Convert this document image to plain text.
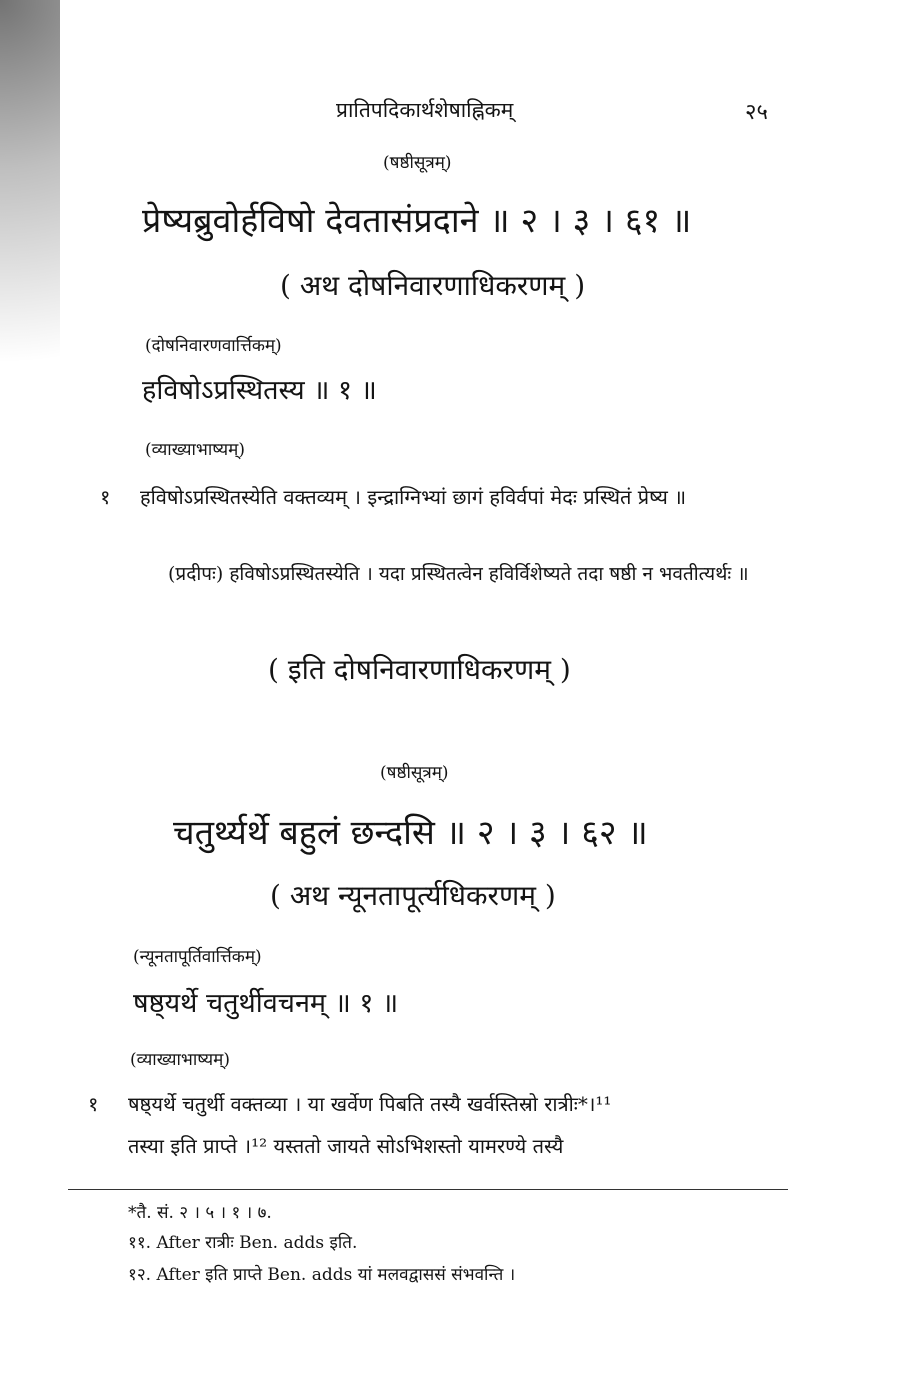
प्रातिपदिकार्थशेषाह्निकम्	२५
(षष्ठीसूत्रम्)
प्रेष्यब्रुवोर्हविषो देवतासंप्रदाने ॥ २ । ३ । ६१ ॥
( अथ दोषनिवारणाधिकरणम् )
(दोषनिवारणवार्त्तिकम्)
हविषोऽप्रस्थितस्य ॥ १ ॥
(व्याख्याभाष्यम्)
१ हविषोऽप्रस्थितस्येति वक्तव्यम् । इन्द्राग्निभ्यां छागं हविर्वपां मेदः प्रस्थितं प्रेष्य ॥
(प्रदीपः) हविषोऽप्रस्थितस्येति । यदा प्रस्थितत्वेन हविर्विशेष्यते तदा षष्ठी न भवतीत्यर्थः ॥
( इति दोषनिवारणाधिकरणम् )
(षष्ठीसूत्रम्)
चतुर्थ्यर्थे बहुलं छन्दसि ॥ २ । ३ । ६२ ॥
( अथ न्यूनतापूर्त्यधिकरणम् )
(न्यूनतापूर्तिवार्त्तिकम्)
षष्ठ्यर्थे चतुर्थीवचनम् ॥ १ ॥
(व्याख्याभाष्यम्)
१ षष्ठ्यर्थे चतुर्थी वक्तव्या । या खर्वेण पिबति तस्यै खर्वस्तिस्रो रात्रीः*।¹¹
तस्या इति प्राप्ते ।¹² यस्ततो जायते सोऽभिशस्तो यामरण्ये तस्यै
*तै. सं. २ । ५ । १ । ७.
११. After रात्रीः Ben. adds इति.
१२. After इति प्राप्ते Ben. adds यां मलवद्वाससं संभवन्ति ।
